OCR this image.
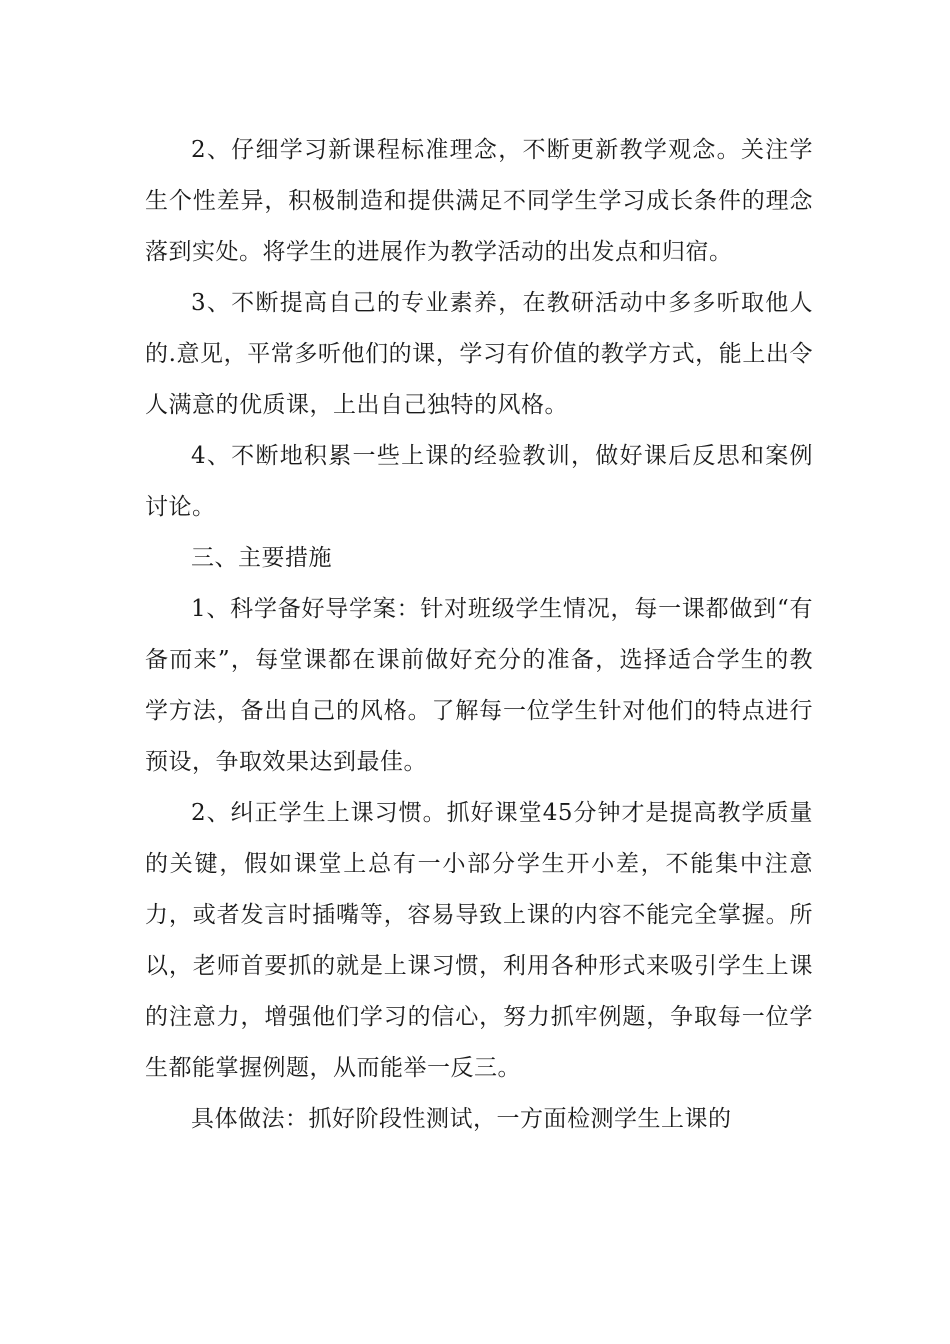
2、仔细学习新课程标准理念，不断更新教学观念。关注学生个性差异，积极制造和提供满足不同学生学习成长条件的理念落到实处。将学生的进展作为教学活动的出发点和归宿。

3、不断提高自己的专业素养，在教研活动中多多听取他人的.意见，平常多听他们的课，学习有价值的教学方式，能上出令人满意的优质课，上出自己独特的风格。

4、不断地积累一些上课的经验教训，做好课后反思和案例讨论。

三、主要措施

1、科学备好导学案：针对班级学生情况，每一课都做到“有备而来”，每堂课都在课前做好充分的准备，选择适合学生的教学方法，备出自己的风格。了解每一位学生针对他们的特点进行预设，争取效果达到最佳。

2、纠正学生上课习惯。抓好课堂45分钟才是提高教学质量的关键，假如课堂上总有一小部分学生开小差，不能集中注意力，或者发言时插嘴等，容易导致上课的内容不能完全掌握。所以，老师首要抓的就是上课习惯，利用各种形式来吸引学生上课的注意力，增强他们学习的信心，努力抓牢例题，争取每一位学生都能掌握例题，从而能举一反三。

具体做法：抓好阶段性测试，一方面检测学生上课的
